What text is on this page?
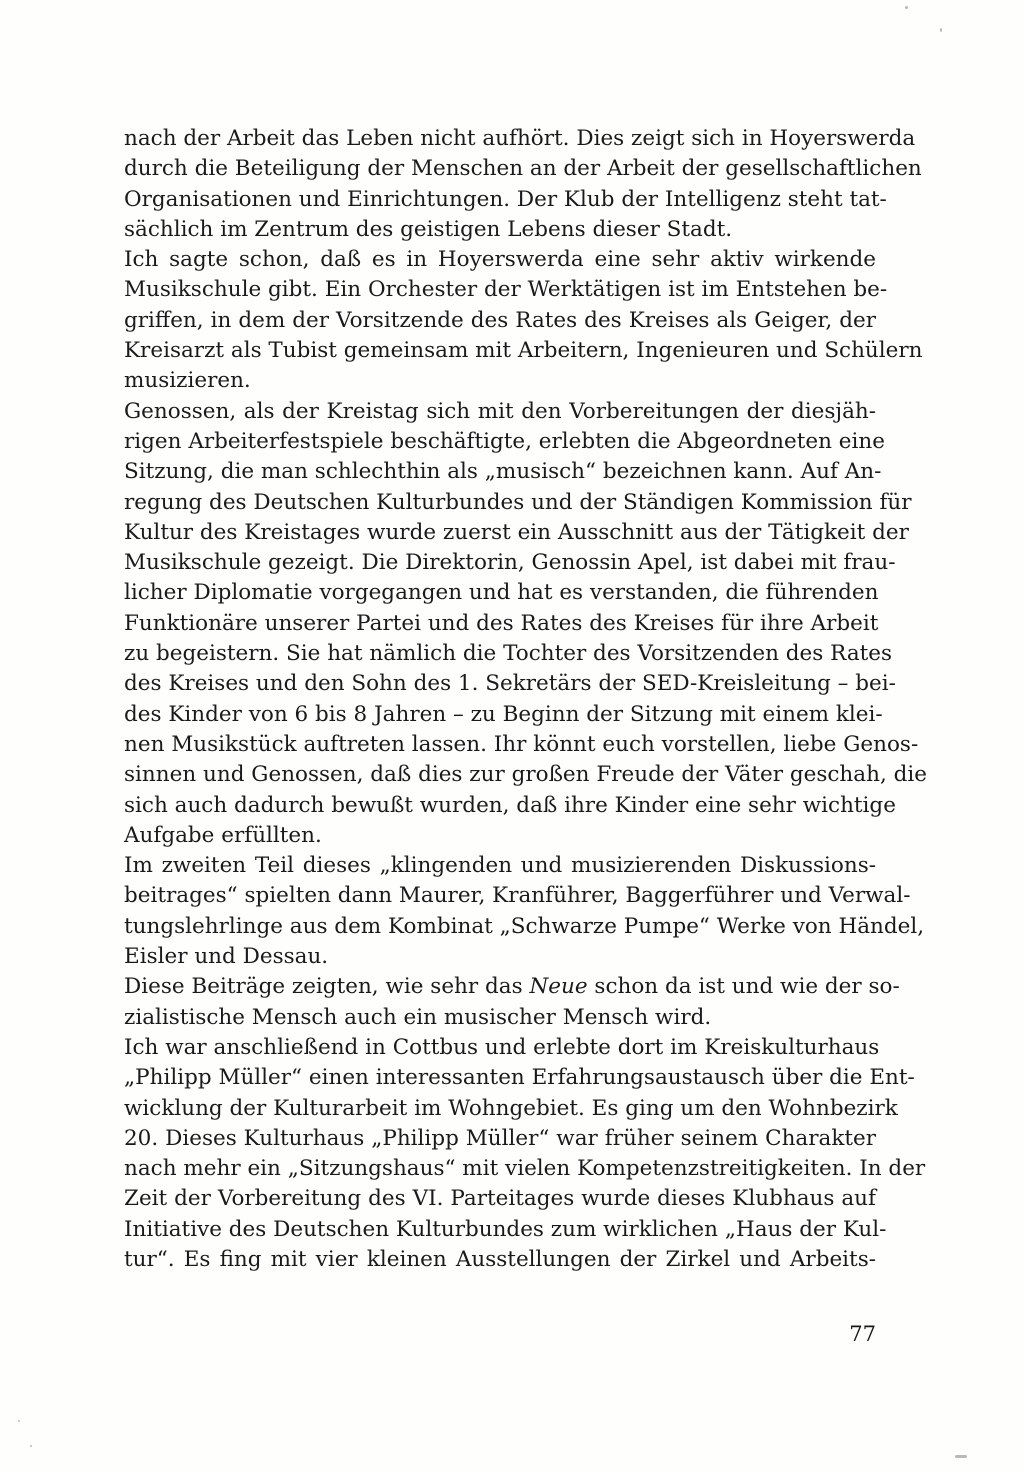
nach der Arbeit das Leben nicht aufhört. Dies zeigt sich in Hoyerswerda
durch die Beteiligung der Menschen an der Arbeit der gesellschaftlichen
Organisationen und Einrichtungen. Der Klub der Intelligenz steht tat-
sächlich im Zentrum des geistigen Lebens dieser Stadt.
Ich sagte schon, daß es in Hoyerswerda eine sehr aktiv wirkende
Musikschule gibt. Ein Orchester der Werktätigen ist im Entstehen be-
griffen, in dem der Vorsitzende des Rates des Kreises als Geiger, der
Kreisarzt als Tubist gemeinsam mit Arbeitern, Ingenieuren und Schülern
musizieren.
Genossen, als der Kreistag sich mit den Vorbereitungen der diesjäh-
rigen Arbeiterfestspiele beschäftigte, erlebten die Abgeordneten eine
Sitzung, die man schlechthin als „musisch“ bezeichnen kann. Auf An-
regung des Deutschen Kulturbundes und der Ständigen Kommission für
Kultur des Kreistages wurde zuerst ein Ausschnitt aus der Tätigkeit der
Musikschule gezeigt. Die Direktorin, Genossin Apel, ist dabei mit frau-
licher Diplomatie vorgegangen und hat es verstanden, die führenden
Funktionäre unserer Partei und des Rates des Kreises für ihre Arbeit
zu begeistern. Sie hat nämlich die Tochter des Vorsitzenden des Rates
des Kreises und den Sohn des 1. Sekretärs der SED-Kreisleitung – bei-
des Kinder von 6 bis 8 Jahren – zu Beginn der Sitzung mit einem klei-
nen Musikstück auftreten lassen. Ihr könnt euch vorstellen, liebe Genos-
sinnen und Genossen, daß dies zur großen Freude der Väter geschah, die
sich auch dadurch bewußt wurden, daß ihre Kinder eine sehr wichtige
Aufgabe erfüllten.
Im zweiten Teil dieses „klingenden und musizierenden Diskussions-
beitrages“ spielten dann Maurer, Kranführer, Baggerführer und Verwal-
tungslehrlinge aus dem Kombinat „Schwarze Pumpe“ Werke von Händel,
Eisler und Dessau.
Diese Beiträge zeigten, wie sehr das Neue schon da ist und wie der so-
zialistische Mensch auch ein musischer Mensch wird.
Ich war anschließend in Cottbus und erlebte dort im Kreiskulturhaus
„Philipp Müller“ einen interessanten Erfahrungsaustausch über die Ent-
wicklung der Kulturarbeit im Wohngebiet. Es ging um den Wohnbezirk
20. Dieses Kulturhaus „Philipp Müller“ war früher seinem Charakter
nach mehr ein „Sitzungshaus“ mit vielen Kompetenzstreitigkeiten. In der
Zeit der Vorbereitung des VI. Parteitages wurde dieses Klubhaus auf
Initiative des Deutschen Kulturbundes zum wirklichen „Haus der Kul-
tur“. Es fing mit vier kleinen Ausstellungen der Zirkel und Arbeits-
77
